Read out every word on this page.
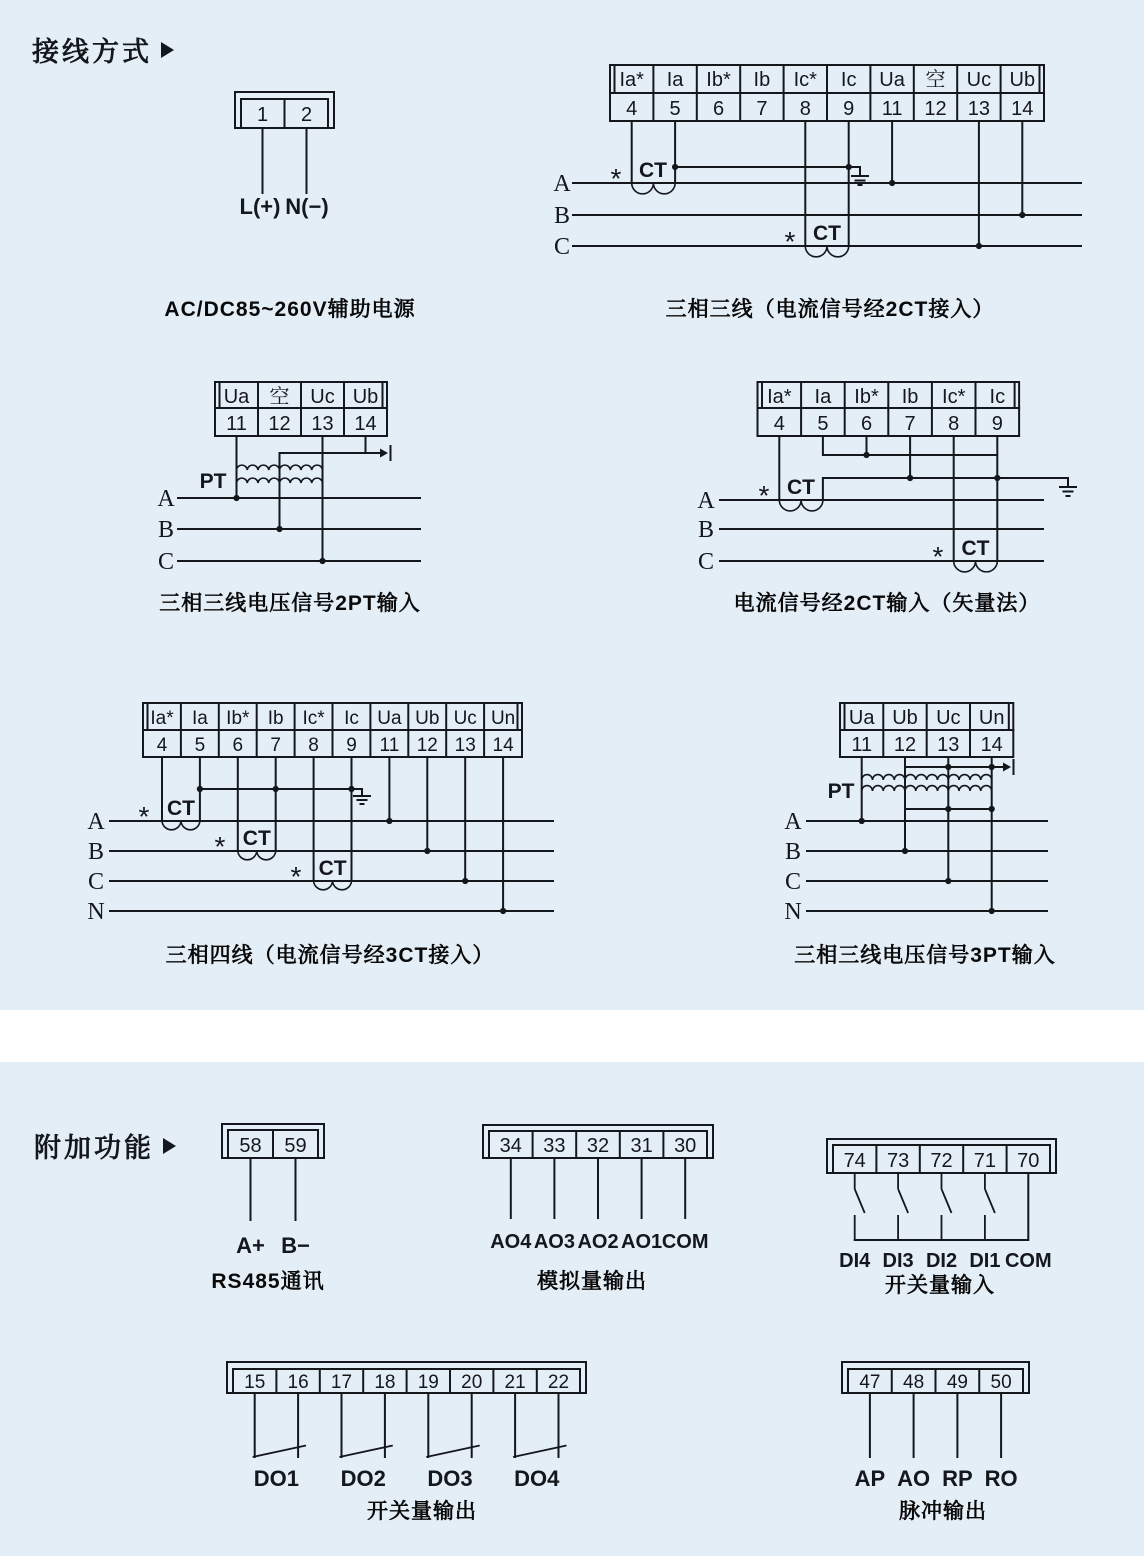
接线方式
1 2
L(+) N(−)
AC/DC85~260V辅助电源
Ia* Ia Ib* Ib Ic* Ic Ua 空 Uc Ub
4 5 6 7 8 9 11 12 13 14
A
B
C
* CT
* CT
三相三线（电流信号经2CT接入）
Ua 空 Uc Ub
11 12 13 14
A
B
C
PT
三相三线电压信号2PT输入
Ia* Ia Ib* Ib Ic* Ic
4 5 6 7 8 9
A
B
C
* CT
* CT
电流信号经2CT输入（矢量法）
Ia* Ia Ib* Ib Ic* Ic Ua Ub Uc Un
4 5 6 7 8 9 11 12 13 14
A
B
C
N
* CT
* CT
* CT
三相四线（电流信号经3CT接入）
Ua Ub Uc Un
11 12 13 14
A
B
C
N
PT
三相三线电压信号3PT输入
附加功能	58 59
A+ B−
RS485通讯
34 33 32 31 30
AO4 AO3 AO2 AO1 COM
模拟量输出
74 73 72 71 70
DI4 DI3 DI2 DI1 COM
开关量输入
15 16 17 18 19 20 21 22
DO1 DO2 DO3 DO4
开关量输出
47 48 49 50
AP AO RP RO
脉冲输出
